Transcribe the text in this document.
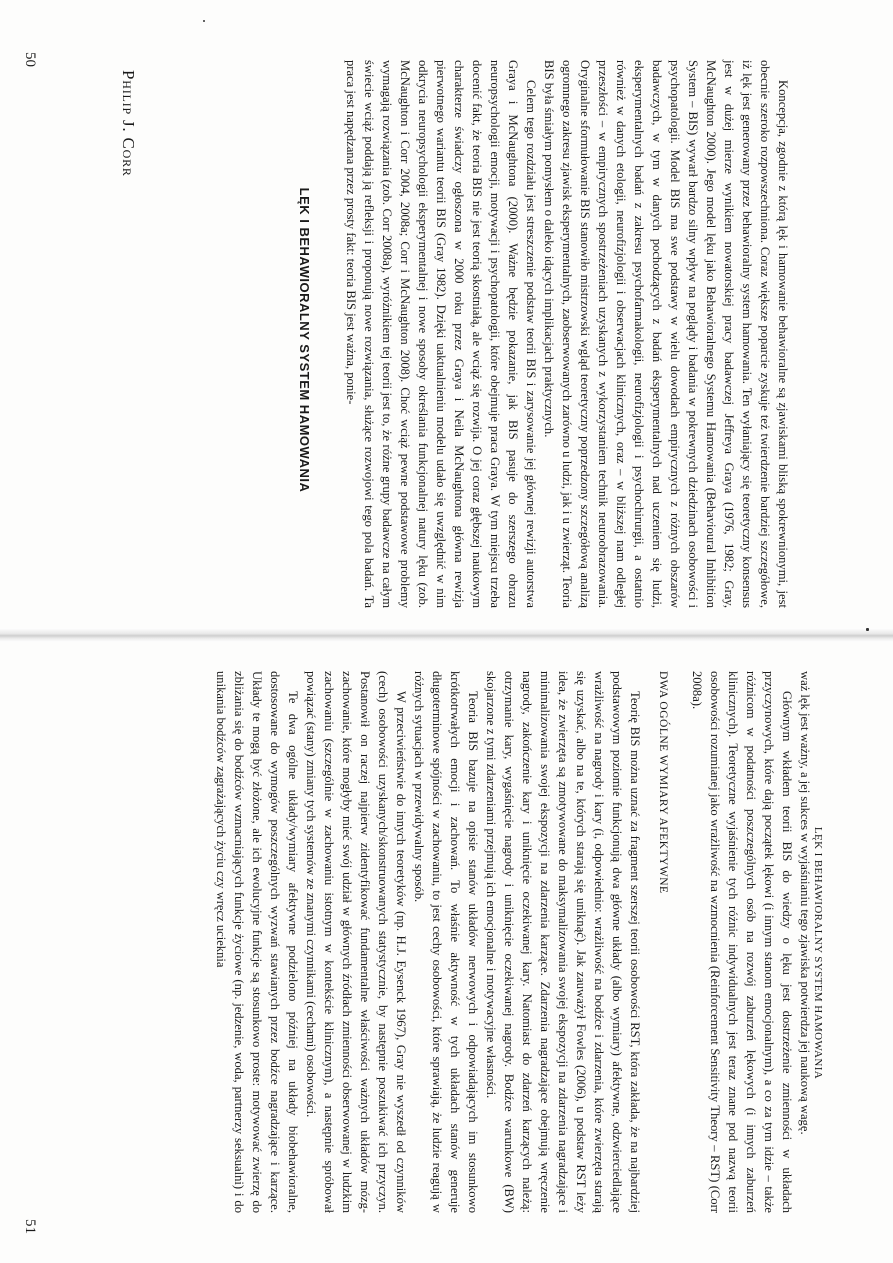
50
LĘK I BEHAWIORALNY SYSTEM HAMOWANIA	Koncepcja, zgodnie z którą lęk i hamowanie behawioralne są zjawiskami bliską spokrewnionymi, jest obecnie szeroko rozpowszechniona. Coraz większe poparcie zyskuje też twierdzenie bardziej szczegółowe, iż lęk jest generowany przez behawioralny system hamowania. Ten wyłaniający się teoretyczny konsensus jest w dużej mierze wynikiem nowatorskiej pracy badawczej Jeffreya Graya (1976, 1982; Gray, McNaughton 2000). Jego model lęku jako Behawioralnego Systemu Hamowania (Behavioural Inhibition System – BIS) wywarł bardzo silny wpływ na poglądy i badania w pokrewnych dziedzinach osobowości i psychopatologii. Model BIS ma swe podstawy w wielu dowodach empirycznych z różnych obszarów badawczych, w tym w danych pochodzących z badań eksperymentalnych nad uczeniem się ludzi, eksperymentalnych badań z zakresu psychofarmakologii, neurofizjologii i psychochirurgii, a ostatnio również w danych etologii, neurofizjologii i obserwacjach klinicznych, oraz – w bliższej nam odległej przeszłości – w empirycznych spostrzeżeniach uzyskanych z wykorzystaniem technik neuroobrazowania. Oryginalne sformułowanie BIS stanowiło mistrzowski wgląd teoretyczny poprzedzony szczegółową analizą ogromnego zakresu zjawisk eksperymentalnych, zaobserwowanych zarówno u ludzi, jak i u zwierząt. Teoria BIS była śmiałym pomysłem o daleko idących implikacjach praktycznych.

Celem tego rozdziału jest streszczenie podstaw teorii BIS i zarysowanie jej głównej rewizji autorstwa Graya i McNaughtona (2000). Ważne będzie pokazanie, jak BIS pasuje do szerszego obrazu neuropsychologii emocji, motywacji i psychopatologii, które obejmuje praca Graya. W tym miejscu trzeba docenić fakt, że teoria BIS nie jest teorią skostniałą, ale wciąż się rozwija. O jej coraz głębszej naukowym charakterze świadczy ogłoszona w 2000 roku przez Graya i Neila McNaughtona główna rewizja pierwotnego wariantu teorii BIS (Gray 1982). Dzięki uaktualnieniu modelu udało się uwzględnić w nim odkrycia neuropsychologii eksperymentalnej i nowe sposoby określania funkcjonalnej natury lęku (zob. McNaughton i Corr 2004, 2008a; Corr i McNaughton 2008). Choć wciąż pewne podstawowe problemy wymagają rozwiązania (zob. Corr 2008a), wyróżnikiem tej teorii jest to, że różne grupy badawcze na całym świecie wciąż poddają ją refleksji i proponują nowe rozwiązania, służące rozwojowi tego pola badań. Ta praca jest napędzana przez prosty fakt: teoria BIS jest ważna, ponie-

Philip J. Corr
LĘK I BEHAWIORALNY SYSTEM HAMOWANIA

waż lęk jest ważny, a jej sukces w wyjaśnianiu tego zjawiska potwierdza jej naukową wagę.

Głównym wkładem teorii BIS do wiedzy o lęku jest dostrzeżenie zmienności w układach przyczynowych, które dają początek lękowi (i innym stanom emocjonalnym), a co za tym idzie – także różnicom w podatności poszczególnych osób na rozwój zaburzeń lękowych (i innych zaburzeń klinicznych). Teoretyczne wyjaśnienie tych różnic indywidualnych jest teraz znane pod nazwą teorii osobowości rozumianej jako wrażliwość na wzmocnienia (Reinforcement Sensitivity Theory – RST) (Corr 2008a).

DWA OGÓLNE WYMIARY AFEKTYWNE

Teorię BIS można uznać za fragment szerszej teorii osobowości RST, która zakłada, że na najbardziej podstawowym poziomie funkcjonują dwa główne układy (albo wymiary) afektywne, odzwierciedlające wrażliwość na nagrody i kary (i, odpowiednio: wrażliwość na bodźce i zdarzenia, które zwierzęta starają się uzyskać, albo na te, których starają się uniknąć). Jak zauważył Fowles (2006), u podstaw RST leży idea, że zwierzęta są zmotywowane do maksymalizowania swojej ekspozycji na zdarzenia nagradzające i minimalizowania swojej ekspozycji na zdarzenia karzące. Zdarzenia nagradzające obejmują wręczenie nagrody, zakończenie kary i uniknięcie oczekiwanej kary. Natomiast do zdarzeń karzących należą: otrzymanie kary, wygaśnięcie nagrody i uniknięcie oczekiwanej nagrody. Bodźce warunkowe (BW) skojarzone z tymi zdarzeniami przejmują ich emocjonalne i motywacyjne własności.

Teoria BIS bazuje na opisie stanów układów nerwowych i odpowiadających im stosunkowo krótkotrwałych emocji i zachowań. To właśnie aktywność w tych układach stanów generuje długoterminowe spójności w zachowaniu, to jest cechy osobowości, które sprawiają, że ludzie reagują w różnych sytuacjach w przewidywalny sposób.

W przeciwieństwie do innych teoretyków (np. H.J. Eysenck 1967), Gray nie wyszedł od czynników (cech) osobowości uzyskanych/skonstruowanych statystycznie, by następnie poszukiwać ich przyczyn. Postanowił on raczej najpierw zidentyfikować fundamentalne właściwości ważnych układów mózg-zachowanie, które mogłyby mieć swój udział w głównych źródłach zmienności obserwowanej w ludzkim zachowaniu (szczególnie w zachowaniu istotnym w kontekście klinicznym), a następnie spróbował powiązać (stany) zmiany tych systemów ze znanymi czynnikami (cechami) osobowości.

Te dwa ogólne układy/wymiary afektywne podzielono później na układy biobehawioralne, dostosowane do wymogów poszczególnych wyzwań stawianych przez bodźce nagradzające i karzące. Układy te mogą być złożone, ale ich ewolucyjne funkcje są stosunkowo proste: motywować zwierzę do zbliżania się do bodźców wzmacniających funkcje życiowe (np. jedzenie, woda, partnerzy seksualni) i do unikania bodźców zagrażających życiu czy wręcz ucieknia

51
